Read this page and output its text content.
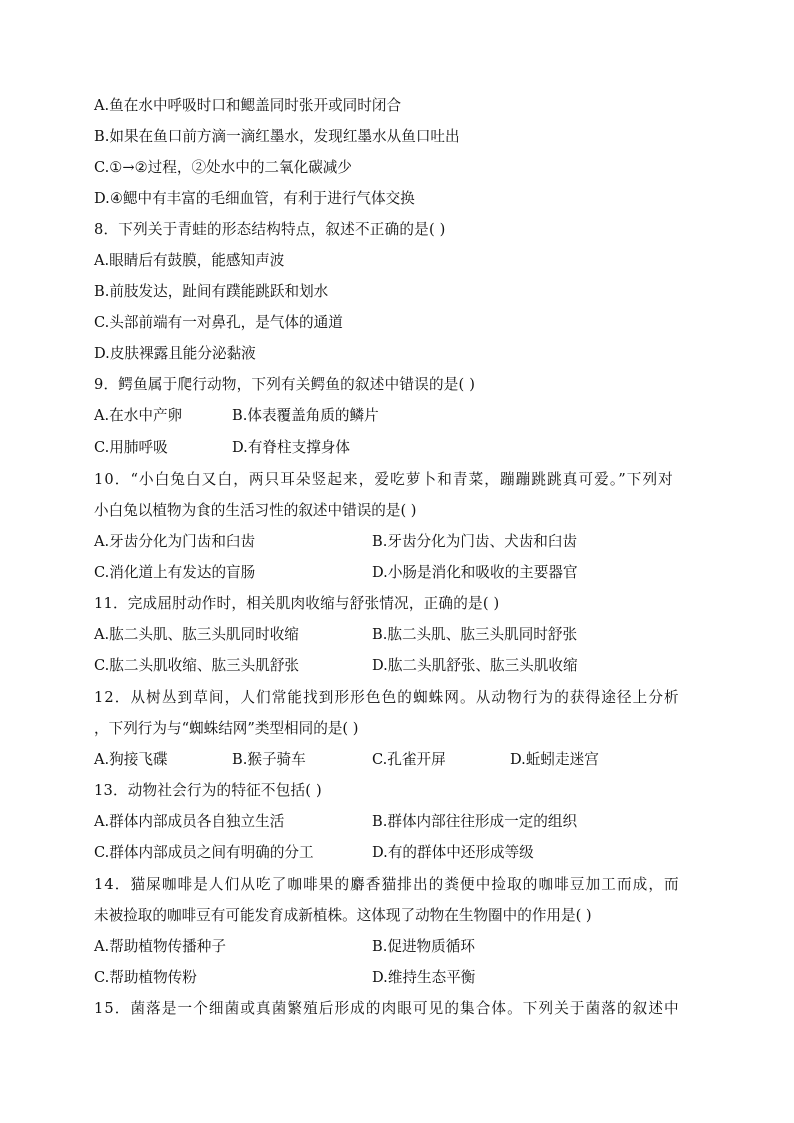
A.鱼在水中呼吸时口和鳃盖同时张开或同时闭合
B.如果在鱼口前方滴一滴红墨水，发现红墨水从鱼口吐出
C.①→②过程，②处水中的二氧化碳减少
D.④鳃中有丰富的毛细血管，有利于进行气体交换
8．下列关于青蛙的形态结构特点，叙述不正确的是( )
A.眼睛后有鼓膜，能感知声波
B.前肢发达，趾间有蹼能跳跃和划水
C.头部前端有一对鼻孔，是气体的通道
D.皮肤裸露且能分泌黏液
9．鳄鱼属于爬行动物，下列有关鳄鱼的叙述中错误的是( )
A.在水中产卵	B.体表覆盖角质的鳞片
C.用肺呼吸	D.有脊柱支撑身体
10．“小白兔白又白，两只耳朵竖起来，爱吃萝卜和青菜，蹦蹦跳跳真可爱。”下列对
小白兔以植物为食的生活习性的叙述中错误的是( )
A.牙齿分化为门齿和臼齿	B.牙齿分化为门齿、犬齿和臼齿
C.消化道上有发达的盲肠	D.小肠是消化和吸收的主要器官
11．完成屈肘动作时，相关肌肉收缩与舒张情况，正确的是( )
A.肱二头肌、肱三头肌同时收缩	B.肱二头肌、肱三头肌同时舒张
C.肱二头肌收缩、肱三头肌舒张	D.肱二头肌舒张、肱三头肌收缩
12．从树丛到草间，人们常能找到形形色色的蜘蛛网。从动物行为的获得途径上分析
，下列行为与“蜘蛛结网”类型相同的是( )
A.狗接飞碟	B.猴子骑车	C.孔雀开屏	D.蚯蚓走迷宫
13．动物社会行为的特征不包括( )
A.群体内部成员各自独立生活	B.群体内部往往形成一定的组织
C.群体内部成员之间有明确的分工	D.有的群体中还形成等级
14．猫屎咖啡是人们从吃了咖啡果的麝香猫排出的粪便中捡取的咖啡豆加工而成，而
未被捡取的咖啡豆有可能发育成新植株。这体现了动物在生物圈中的作用是( )
A.帮助植物传播种子	B.促进物质循环
C.帮助植物传粉	D.维持生态平衡
15．菌落是一个细菌或真菌繁殖后形成的肉眼可见的集合体。下列关于菌落的叙述中
